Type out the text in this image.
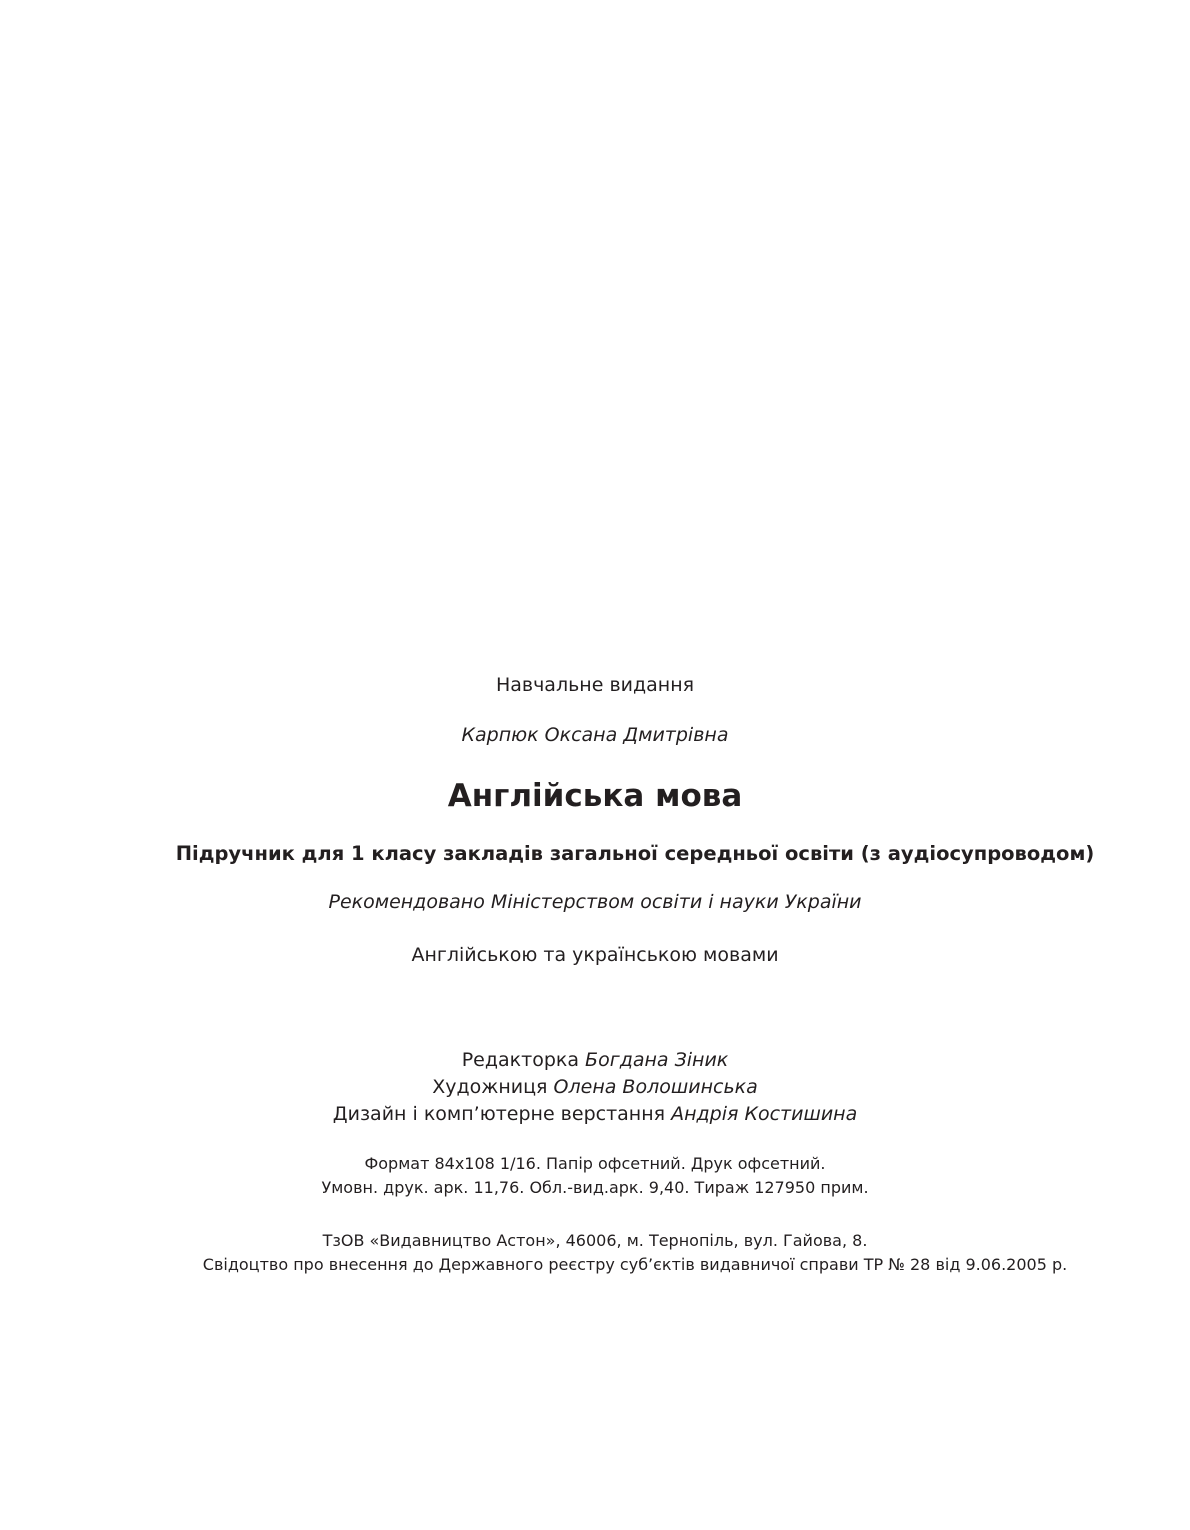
Навчальне видання
Карпюк Оксана Дмитрівна
Англійська мова
Підручник для 1 класу закладів загальної середньої освіти (з аудіосупроводом)
Рекомендовано Міністерством освіти і науки України
Англійською та українською мовами
Редакторка Богдана Зіник
Художниця Олена Волошинська
Дизайн і комп’ютерне верстання Андрія Костишина
Формат 84х108 1/16. Папір офсетний. Друк офсетний.
Умовн. друк. арк. 11,76. Обл.-вид.арк. 9,40. Тираж 127950 прим.
ТзОВ «Видавництво Астон», 46006, м. Тернопіль, вул. Гайова, 8.
Свідоцтво про внесення до Державного реєстру суб’єктів видавничої справи ТР № 28 від 9.06.2005 р.
